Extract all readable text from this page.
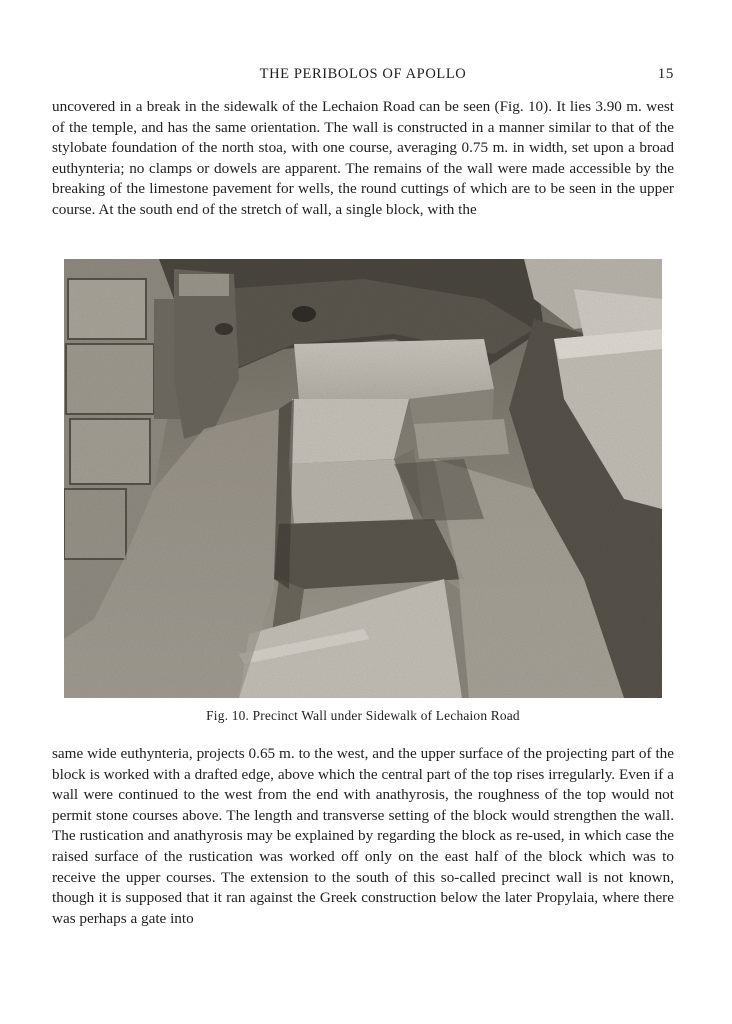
THE PERIBOLOS OF APOLLO	15

uncovered in a break in the sidewalk of the Lechaion Road can be seen (Fig. 10). It lies 3.90 m. west of the temple, and has the same orientation. The wall is constructed in a manner similar to that of the stylobate foundation of the north stoa, with one course, averaging 0.75 m. in width, set upon a broad euthynteria; no clamps or dowels are apparent. The remains of the wall were made accessible by the breaking of the limestone pavement for wells, the round cuttings of which are to be seen in the upper course. At the south end of the stretch of wall, a single block, with the

Fig. 10. Precinct Wall under Sidewalk of Lechaion Road

same wide euthynteria, projects 0.65 m. to the west, and the upper surface of the projecting part of the block is worked with a drafted edge, above which the central part of the top rises irregularly. Even if a wall were continued to the west from the end with anathyrosis, the roughness of the top would not permit stone courses above. The length and transverse setting of the block would strengthen the wall. The rustication and anathyrosis may be explained by regarding the block as re-used, in which case the raised surface of the rustication was worked off only on the east half of the block which was to receive the upper courses. The extension to the south of this so-called precinct wall is not known, though it is supposed that it ran against the Greek construction below the later Propylaia, where there was perhaps a gate into
